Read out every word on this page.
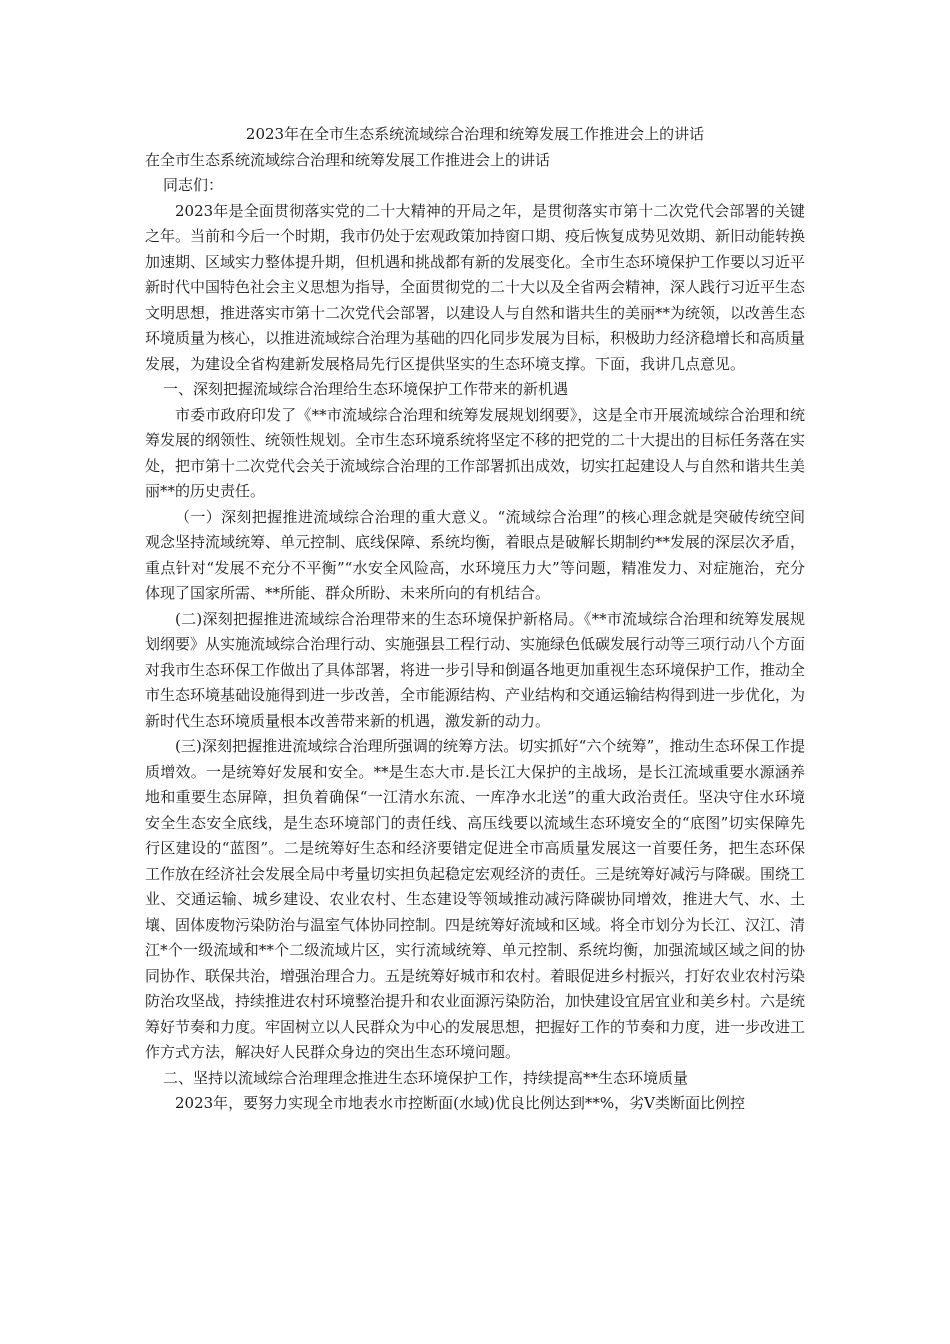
2023年在全市生态系统流域综合治理和统筹发展工作推进会上的讲话
在全市生态系统流域综合治理和统筹发展工作推进会上的讲话

同志们：

2023年是全面贯彻落实党的二十大精神的开局之年，是贯彻落实市第十二次党代会部署的关键之年。当前和今后一个时期，我市仍处于宏观政策加持窗口期、疫后恢复成势见效期、新旧动能转换加速期、区域实力整体提升期，但机遇和挑战都有新的发展变化。全市生态环境保护工作要以习近平新时代中国特色社会主义思想为指导，全面贯彻党的二十大以及全省两会精神，深人践行习近平生态文明思想，推进落实市第十二次党代会部署，以建设人与自然和谐共生的美丽**为统领，以改善生态环境质量为核心，以推进流域综合治理为基础的四化同步发展为目标，积极助力经济稳增长和高质量发展，为建设全省构建新发展格局先行区提供坚实的生态环境支撑。下面，我讲几点意见。

一、深刻把握流域综合治理给生态环境保护工作带来的新机遇

市委市政府印发了《**市流域综合治理和统筹发展规划纲要》，这是全市开展流域综合治理和统筹发展的纲领性、统领性规划。全市生态环境系统将坚定不移的把党的二十大提出的目标任务落在实处，把市第十二次党代会关于流域综合治理的工作部署抓出成效，切实扛起建设人与自然和谐共生美丽**的历史责任。

（一）深刻把握推进流域综合治理的重大意义。“流域综合治理”的核心理念就是突破传统空间观念坚持流域统筹、单元控制、底线保障、系统均衡，着眼点是破解长期制约**发展的深层次矛盾，重点针对“发展不充分不平衡”“水安全风险高，水环境压力大”等问题，精准发力、对症施治，充分体现了国家所需、**所能、群众所盼、未来所向的有机结合。

(二)深刻把握推进流域综合治理带来的生态环境保护新格局。《**市流域综合治理和统筹发展规划纲要》从实施流域综合治理行动、实施强县工程行动、实施绿色低碳发展行动等三项行动八个方面对我市生态环保工作做出了具体部署，将进一步引导和倒逼各地更加重视生态环境保护工作，推动全市生态环境基础设施得到进一步改善，全市能源结构、产业结构和交通运输结构得到进一步优化，为新时代生态环境质量根本改善带来新的机遇，激发新的动力。

(三)深刻把握推进流域综合治理所强调的统筹方法。切实抓好“六个统筹”，推动生态环保工作提质增效。一是统筹好发展和安全。**是生态大市.是长江大保护的主战场，是长江流域重要水源涵养地和重要生态屏障，担负着确保“一江清水东流、一库净水北送”的重大政治责任。坚决守住水环境安全生态安全底线，是生态环境部门的责任线、高压线要以流域生态环境安全的“底图”切实保障先行区建设的“蓝图”。二是统筹好生态和经济要错定促进全市高质量发展这一首要任务，把生态环保工作放在经济社会发展全局中考量切实担负起稳定宏观经济的责任。三是统筹好减污与降碳。围绕工业、交通运输、城乡建设、农业农村、生态建设等领域推动减污降碳协同增效，推进大气、水、土壤、固体废物污染防治与温室气体协同控制。四是统筹好流域和区域。将全市划分为长江、汉江、清江*个一级流域和**个二级流域片区，实行流域统筹、单元控制、系统均衡，加强流域区域之间的协同协作、联保共治，增强治理合力。五是统筹好城市和农村。着眼促进乡村振兴，打好农业农村污染防治攻坚战，持续推进农村环境整治提升和农业面源污染防治，加快建设宜居宜业和美乡村。六是统筹好节奏和力度。牢固树立以人民群众为中心的发展思想，把握好工作的节奏和力度，进一步改进工作方式方法，解决好人民群众身边的突出生态环境问题。

二、坚持以流域综合治理理念推进生态环境保护工作，持续提高**生态环境质量

2023年，要努力实现全市地表水市控断面(水域)优良比例达到**%，劣Ⅴ类断面比例控
